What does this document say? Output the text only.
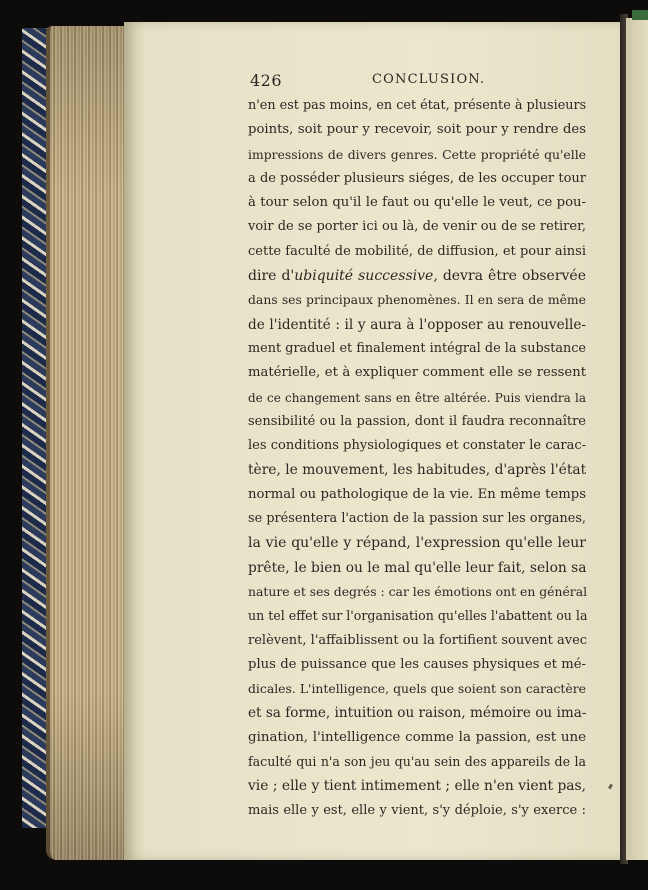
426	CONCLUSION.
n'en est pas moins, en cet état, présente à plusieurs
points, soit pour y recevoir, soit pour y rendre des
impressions de divers genres. Cette propriété qu'elle
a de posséder plusieurs siéges, de les occuper tour
à tour selon qu'il le faut ou qu'elle le veut, ce pou-
voir de se porter ici ou là, de venir ou de se retirer,
cette faculté de mobilité, de diffusion, et pour ainsi
dire d'ubiquité successive, devra être observée
dans ses principaux phenomènes. Il en sera de même
de l'identité : il y aura à l'opposer au renouvelle-
ment graduel et finalement intégral de la substance
matérielle, et à expliquer comment elle se ressent
de ce changement sans en être altérée. Puis viendra la
sensibilité ou la passion, dont il faudra reconnaître
les conditions physiologiques et constater le carac-
tère, le mouvement, les habitudes, d'après l'état
normal ou pathologique de la vie. En même temps
se présentera l'action de la passion sur les organes,
la vie qu'elle y répand, l'expression qu'elle leur
prête, le bien ou le mal qu'elle leur fait, selon sa
nature et ses degrés : car les émotions ont en général
un tel effet sur l'organisation qu'elles l'abattent ou la
relèvent, l'affaiblissent ou la fortifient souvent avec
plus de puissance que les causes physiques et mé-
dicales. L'intelligence, quels que soient son caractère
et sa forme, intuition ou raison, mémoire ou ima-
gination, l'intelligence comme la passion, est une
faculté qui n'a son jeu qu'au sein des appareils de la
vie ; elle y tient intimement ; elle n'en vient pas,
mais elle y est, elle y vient, s'y déploie, s'y exerce :
